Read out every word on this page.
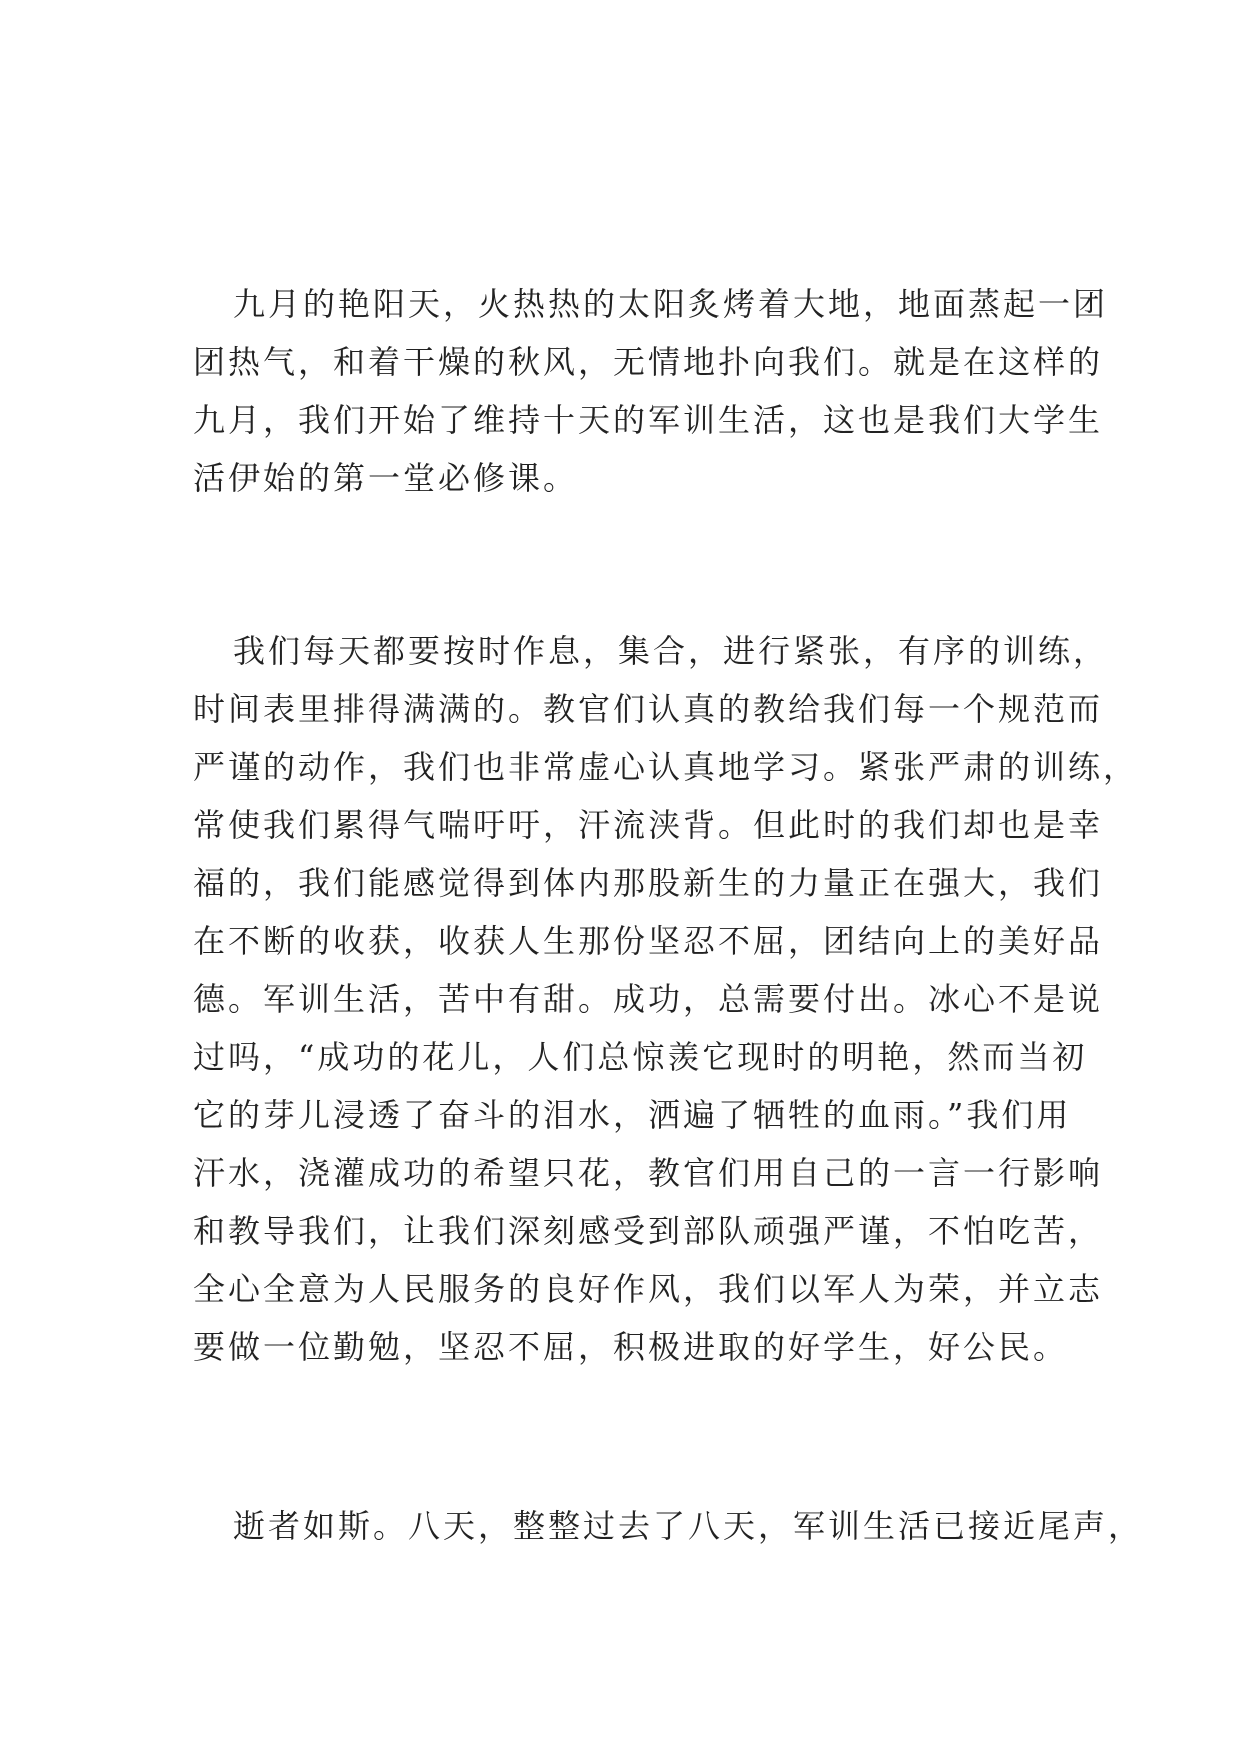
九月的艳阳天，火热热的太阳炙烤着大地，地面蒸起一团
团热气，和着干燥的秋风，无情地扑向我们。就是在这样的
九月，我们开始了维持十天的军训生活，这也是我们大学生
活伊始的第一堂必修课。
我们每天都要按时作息，集合，进行紧张，有序的训练，
时间表里排得满满的。教官们认真的教给我们每一个规范而
严谨的动作，我们也非常虚心认真地学习。紧张严肃的训练，
常使我们累得气喘吁吁，汗流浃背。但此时的我们却也是幸
福的，我们能感觉得到体内那股新生的力量正在强大，我们
在不断的收获，收获人生那份坚忍不屈，团结向上的美好品
德。军训生活，苦中有甜。成功，总需要付出。冰心不是说
过吗，“成功的花儿，人们总惊羡它现时的明艳，然而当初
它的芽儿浸透了奋斗的泪水，洒遍了牺牲的血雨。”我们用
汗水，浇灌成功的希望只花，教官们用自己的一言一行影响
和教导我们，让我们深刻感受到部队顽强严谨，不怕吃苦，
全心全意为人民服务的良好作风，我们以军人为荣，并立志
要做一位勤勉，坚忍不屈，积极进取的好学生，好公民。
逝者如斯。八天，整整过去了八天，军训生活已接近尾声，
